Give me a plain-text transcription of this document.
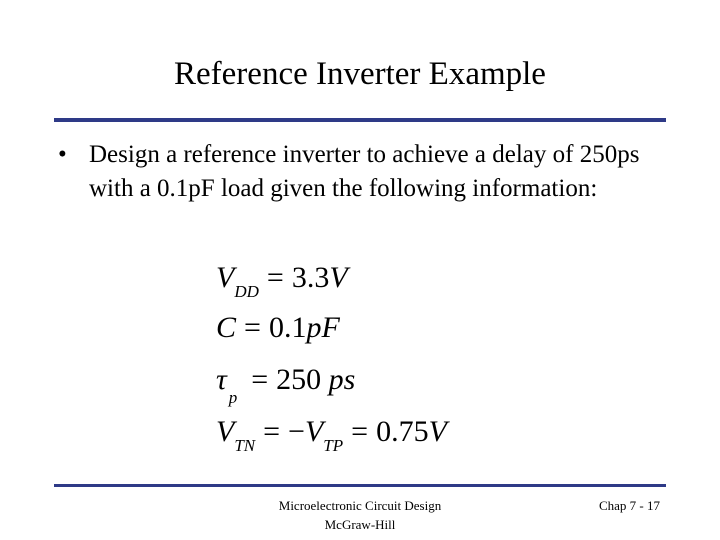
Reference Inverter Example
• Design a reference inverter to achieve a delay of 250ps with a 0.1pF load given the following information:
$V_{DD} = 3.3V$
C = 0.1pF
$\tau_p= 250$ ps
$V_{TN} = -V_{TP} = 0.75V$
Microelectronic Circuit Design
McGraw-Hill
Chap 7 - 17
